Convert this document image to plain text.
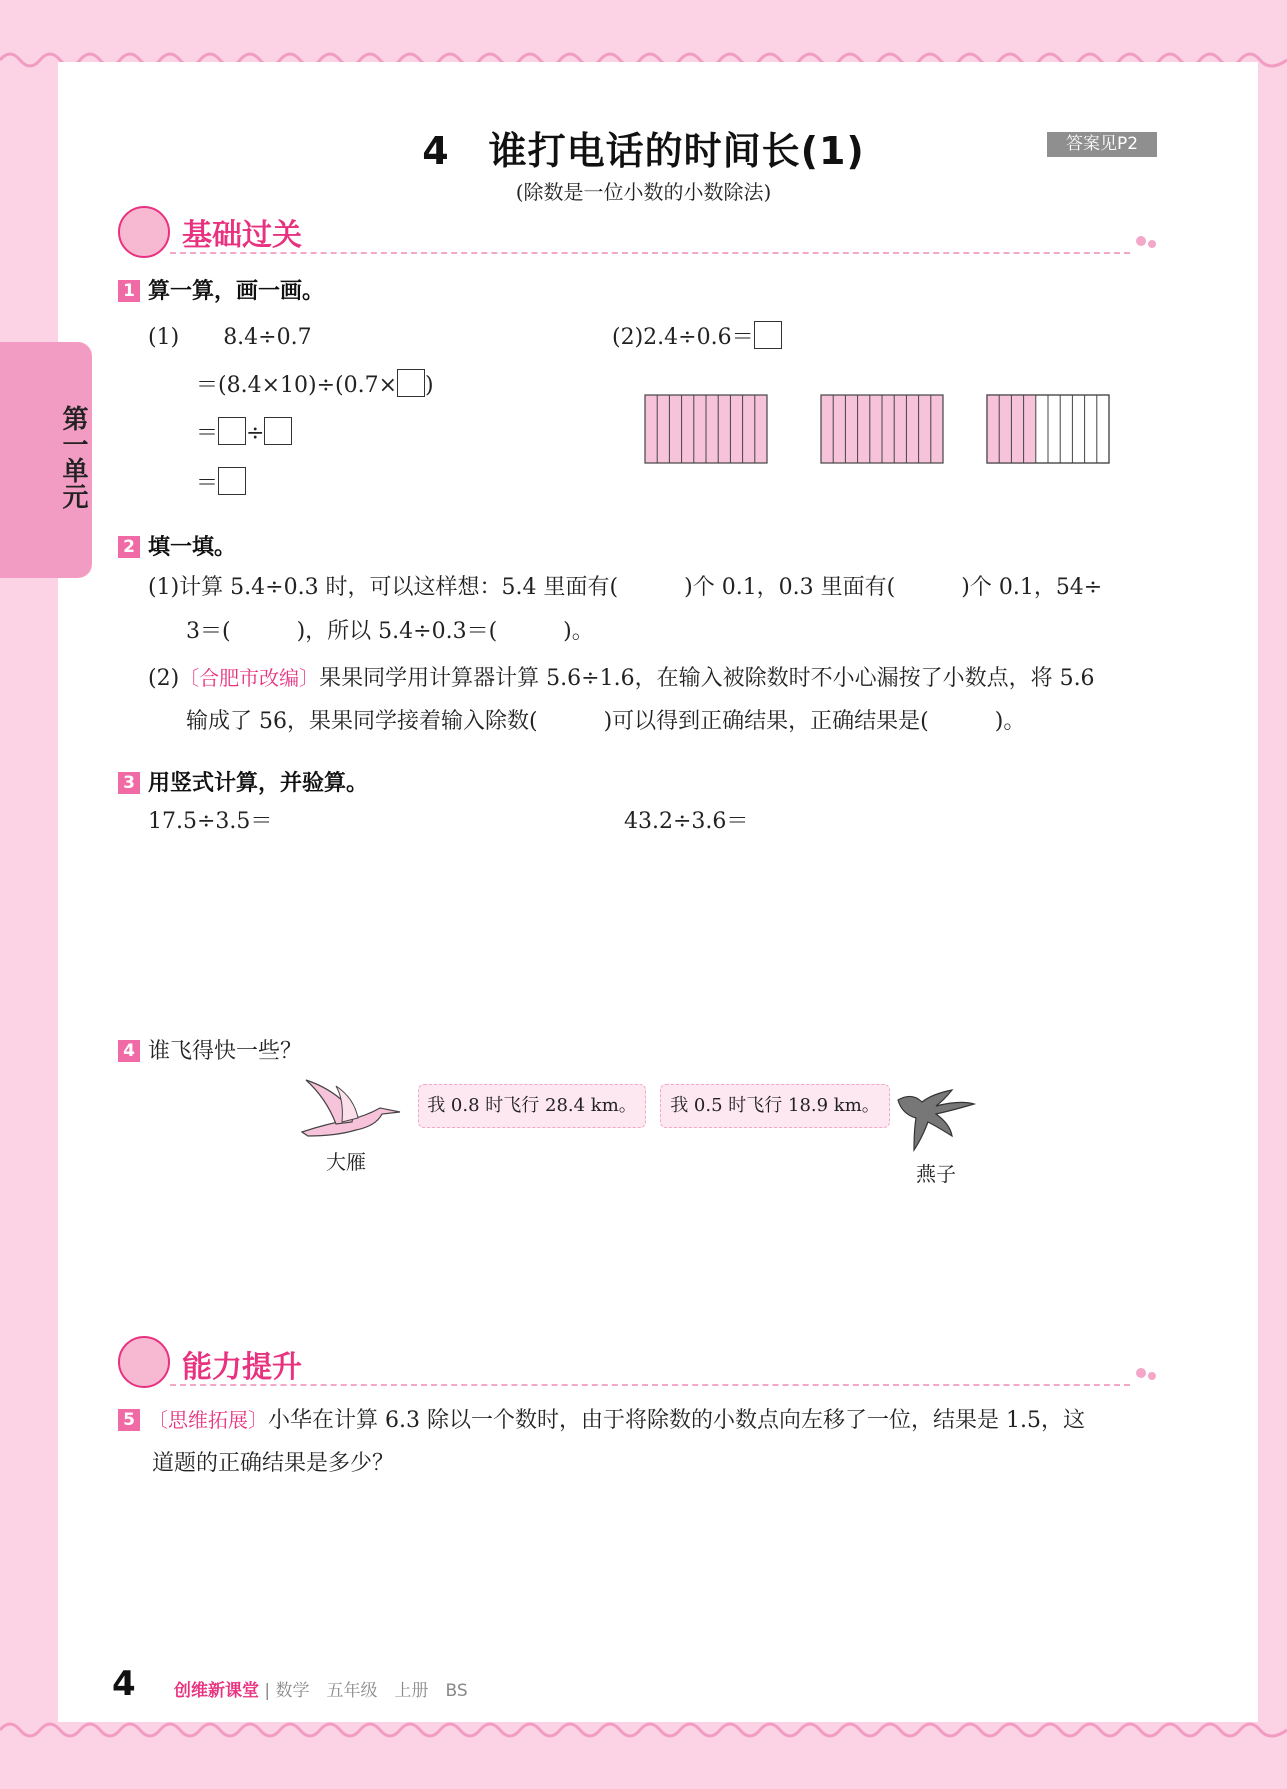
第一单元
4　谁打电话的时间长(1)
(除数是一位小数的小数除法)
答案见P2
基础过关
1 算一算，画一画。
(1)　　 8.4÷0.7
＝(8.4×10)÷(0.7× )
＝ ÷
＝
(2)2.4÷0.6＝
2 填一填。
(1)计算 5.4÷0.3 时，可以这样想：5.4 里面有(　　　)个 0.1，0.3 里面有(　　　)个 0.1，54÷
3＝(　　　)，所以 5.4÷0.3＝(　　　)。
(2)〔合肥市改编〕果果同学用计算器计算 5.6÷1.6，在输入被除数时不小心漏按了小数点，将 5.6
输成了 56，果果同学接着输入除数(　　　)可以得到正确结果，正确结果是(　　　)。
3 用竖式计算，并验算。
17.5÷3.5＝	43.2÷3.6＝
4 谁飞得快一些？
大雁
我 0.8 时飞行 28.4 km。	我 0.5 时飞行 18.9 km。
燕子
能力提升
5 〔思维拓展〕小华在计算 6.3 除以一个数时，由于将除数的小数点向左移了一位，结果是 1.5，这
道题的正确结果是多少？
4 创维新课堂 | 数学　五年级　上册　BS
